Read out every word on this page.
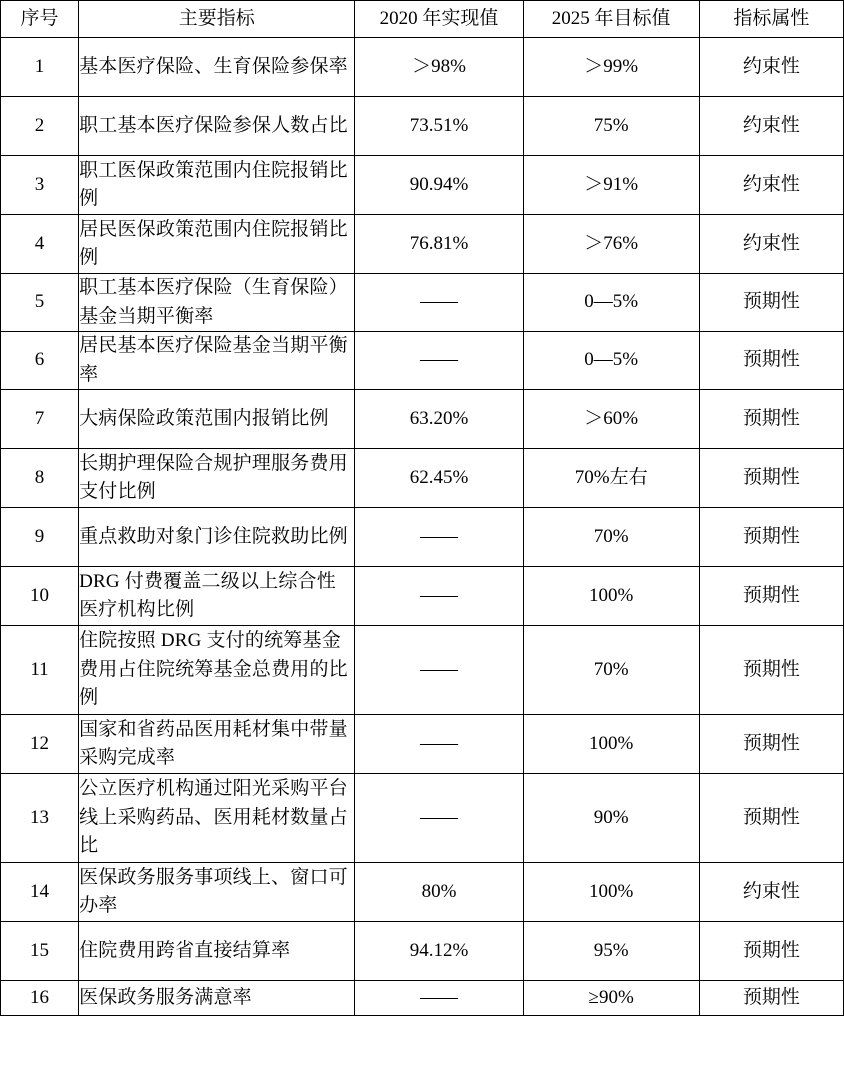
序号	主要指标	2020 年实现值	2025 年目标值	指标属性
1	基本医疗保险、生育保险参保率	＞98%	＞99%	约束性
2	职工基本医疗保险参保人数占比	73.51%	75%	约束性
3	职工医保政策范围内住院报销比例	90.94%	＞91%	约束性
4	居民医保政策范围内住院报销比例	76.81%	＞76%	约束性
5	职工基本医疗保险（生育保险）基金当期平衡率	——	0—5%	预期性
6	居民基本医疗保险基金当期平衡率	——	0—5%	预期性
7	大病保险政策范围内报销比例	63.20%	＞60%	预期性
8	长期护理保险合规护理服务费用支付比例	62.45%	70%左右	预期性
9	重点救助对象门诊住院救助比例	——	70%	预期性
10	DRG 付费覆盖二级以上综合性医疗机构比例	——	100%	预期性
11	住院按照 DRG 支付的统筹基金费用占住院统筹基金总费用的比例	——	70%	预期性
12	国家和省药品医用耗材集中带量采购完成率	——	100%	预期性
13	公立医疗机构通过阳光采购平台线上采购药品、医用耗材数量占比	——	90%	预期性
14	医保政务服务事项线上、窗口可办率	80%	100%	约束性
15	住院费用跨省直接结算率	94.12%	95%	预期性
16	医保政务服务满意率	——	≥90%	预期性
